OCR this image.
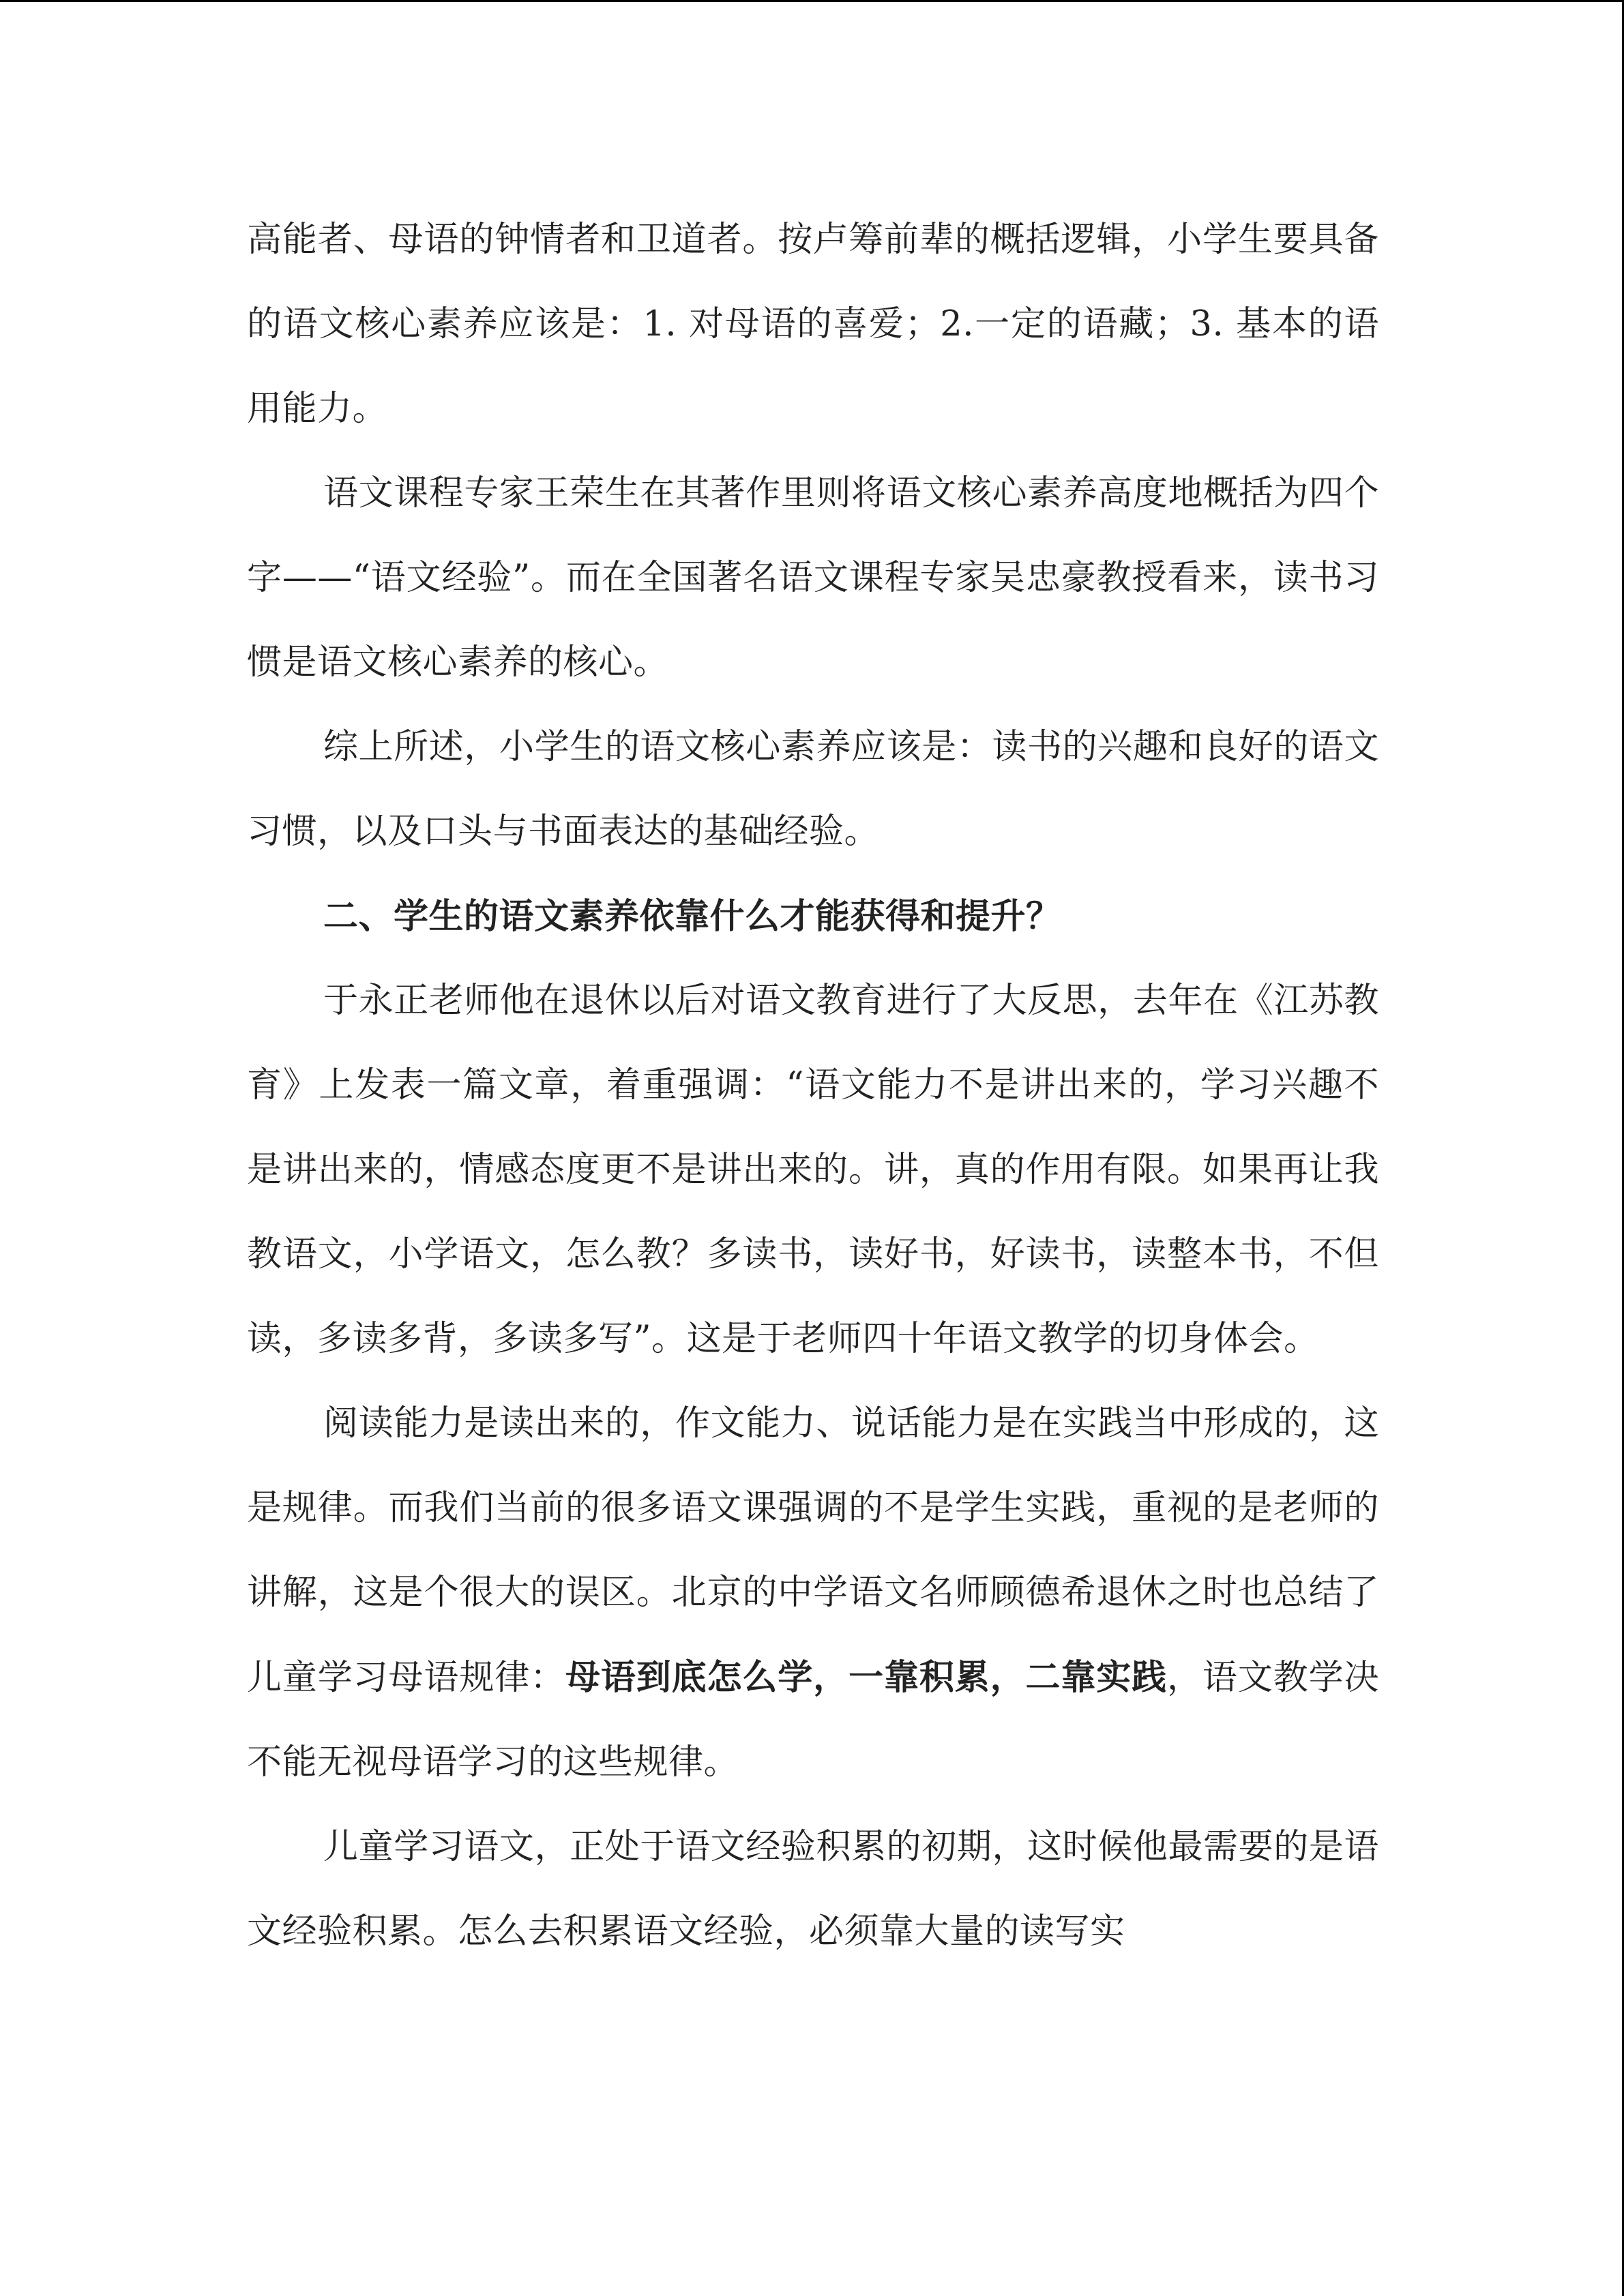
高能者、母语的钟情者和卫道者。按卢筹前辈的概括逻辑，小学生要具备的语文核心素养应该是：1. 对母语的喜爱；2.一定的语藏；3. 基本的语用能力。

语文课程专家王荣生在其著作里则将语文核心素养高度地概括为四个字——“语文经验”。而在全国著名语文课程专家吴忠豪教授看来，读书习惯是语文核心素养的核心。

综上所述，小学生的语文核心素养应该是：读书的兴趣和良好的语文习惯，以及口头与书面表达的基础经验。

二、学生的语文素养依靠什么才能获得和提升？

于永正老师他在退休以后对语文教育进行了大反思，去年在《江苏教育》上发表一篇文章，着重强调：“语文能力不是讲出来的，学习兴趣不是讲出来的，情感态度更不是讲出来的。讲，真的作用有限。如果再让我教语文，小学语文，怎么教？多读书，读好书，好读书，读整本书，不但读，多读多背，多读多写”。这是于老师四十年语文教学的切身体会。

阅读能力是读出来的，作文能力、说话能力是在实践当中形成的，这是规律。而我们当前的很多语文课强调的不是学生实践，重视的是老师的讲解，这是个很大的误区。北京的中学语文名师顾德希退休之时也总结了儿童学习母语规律：母语到底怎么学，一靠积累，二靠实践，语文教学决不能无视母语学习的这些规律。

儿童学习语文，正处于语文经验积累的初期，这时候他最需要的是语文经验积累。怎么去积累语文经验，必须靠大量的读写实
